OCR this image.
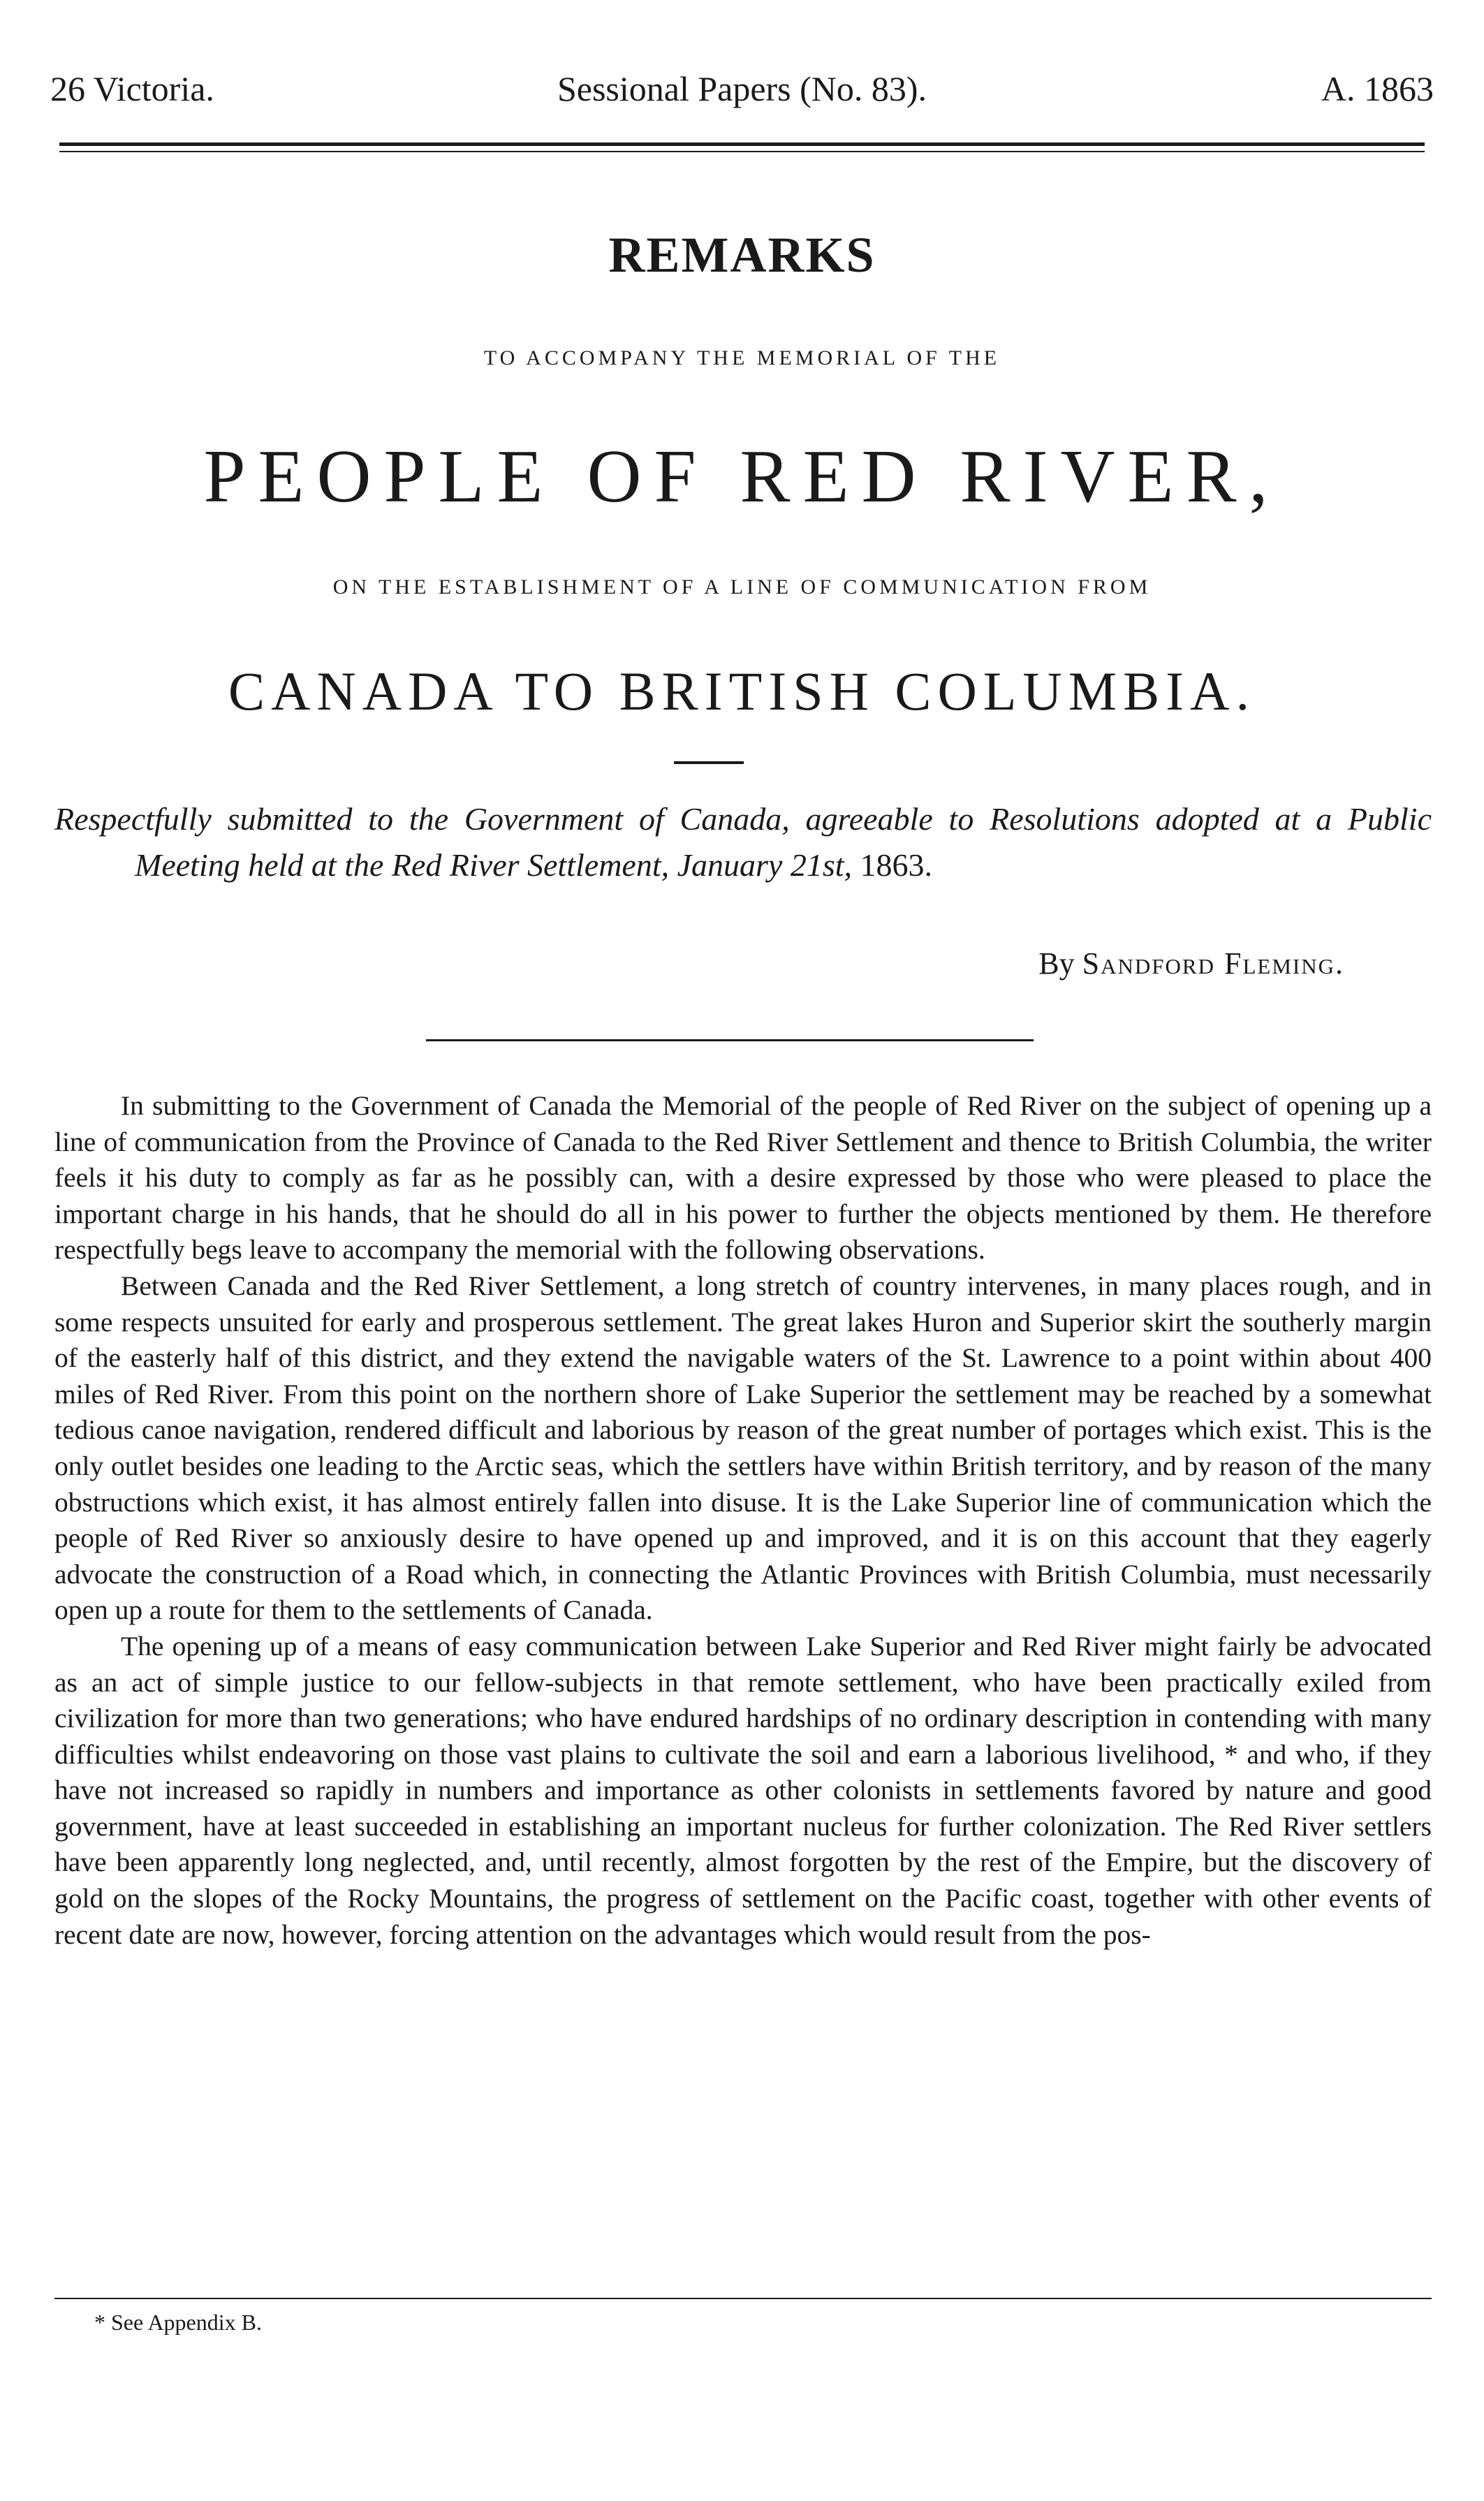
26 Victoria.	Sessional Papers (No. 83).	A. 1863
REMARKS
TO ACCOMPANY THE MEMORIAL OF THE
PEOPLE OF RED RIVER,
ON THE ESTABLISHMENT OF A LINE OF COMMUNICATION FROM
CANADA TO BRITISH COLUMBIA.
Respectfully submitted to the Government of Canada, agreeable to Resolutions adopted at a Public Meeting held at the Red River Settlement, January 21st, 1863.
By Sandford Fleming.

In submitting to the Government of Canada the Memorial of the people of Red River on the subject of opening up a line of communication from the Province of Canada to the Red River Settlement and thence to British Columbia, the writer feels it his duty to comply as far as he possibly can, with a desire expressed by those who were pleased to place the important charge in his hands, that he should do all in his power to further the objects mentioned by them. He therefore respectfully begs leave to accompany the memorial with the following observations.

Between Canada and the Red River Settlement, a long stretch of country intervenes, in many places rough, and in some respects unsuited for early and prosperous settlement. The great lakes Huron and Superior skirt the southerly margin of the easterly half of this district, and they extend the navigable waters of the St. Lawrence to a point within about 400 miles of Red River. From this point on the northern shore of Lake Superior the settlement may be reached by a somewhat tedious canoe navigation, rendered difficult and laborious by reason of the great number of portages which exist. This is the only outlet besides one leading to the Arctic seas, which the settlers have within British territory, and by reason of the many obstructions which exist, it has almost entirely fallen into disuse. It is the Lake Superior line of communication which the people of Red River so anxiously desire to have opened up and improved, and it is on this account that they eagerly advocate the construction of a Road which, in connecting the Atlantic Provinces with British Columbia, must necessarily open up a route for them to the settlements of Canada.

The opening up of a means of easy communication between Lake Superior and Red River might fairly be advocated as an act of simple justice to our fellow-subjects in that remote settlement, who have been practically exiled from civilization for more than two generations; who have endured hardships of no ordinary description in contending with many difficulties whilst endeavoring on those vast plains to cultivate the soil and earn a laborious livelihood, * and who, if they have not increased so rapidly in numbers and importance as other colonists in settlements favored by nature and good government, have at least succeeded in establishing an important nucleus for further colonization. The Red River settlers have been apparently long neglected, and, until recently, almost forgotten by the rest of the Empire, but the discovery of gold on the slopes of the Rocky Mountains, the progress of settlement on the Pacific coast, together with other events of recent date are now, however, forcing attention on the advantages which would result from the pos-

* See Appendix B.
